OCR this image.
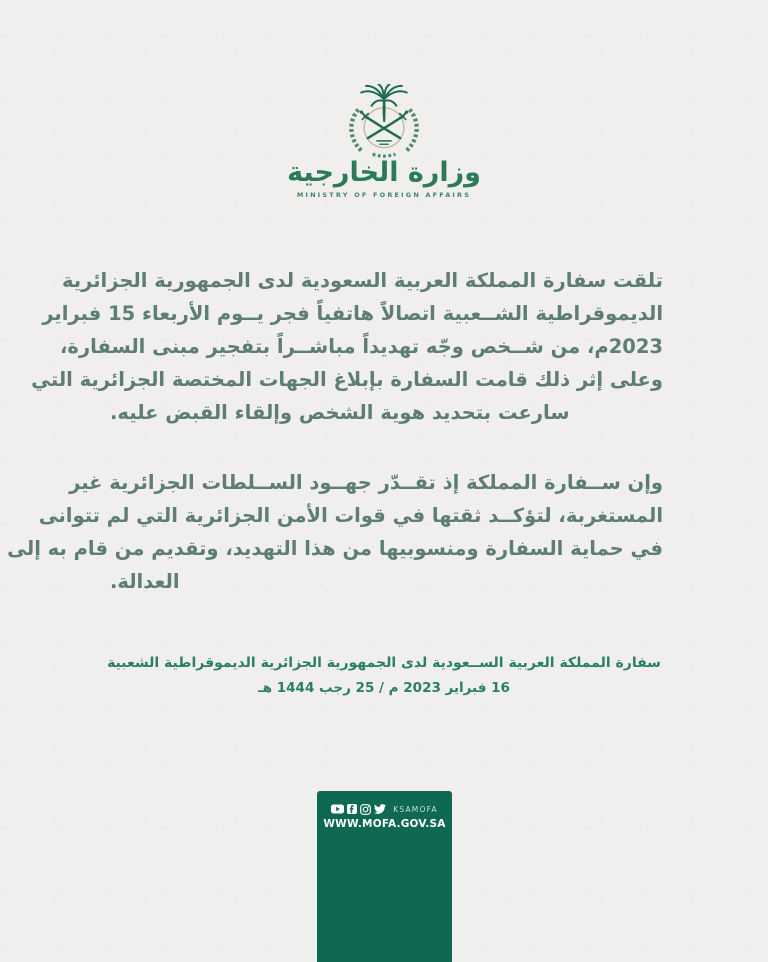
وزارة الخارجية
MINISTRY OF FOREIGN AFFAIRS
تلقت سفارة المملكة العربية السعودية لدى الجمهورية الجزائرية
الديموقراطية الشــعبية اتصالاً هاتفياً فجر يــوم الأربعاء 15 فبراير
2023م، من شــخص وجّه تهديداً مباشــراً بتفجير مبنى السفارة،
وعلى إثر ذلك قامت السفارة بإبلاغ الجهات المختصة الجزائرية التي
سارعت بتحديد هوية الشخص وإلقاء القبض عليه.
وإن ســفارة المملكة إذ تقــدّر جهــود الســلطات الجزائرية غير
المستغربة، لتؤكــد ثقتها في قوات الأمن الجزائرية التي لم تتوانى
في حماية السفارة ومنسوبيها من هذا التهديد، وتقديم من قام به إلى
العدالة.
سفارة المملكة العربية الســعودية لدى الجمهورية الجزائرية الديموقراطية الشعبية
16 فبراير 2023 م / 25 رجب 1444 هـ
KSAMOFA
WWW.MOFA.GOV.SA
